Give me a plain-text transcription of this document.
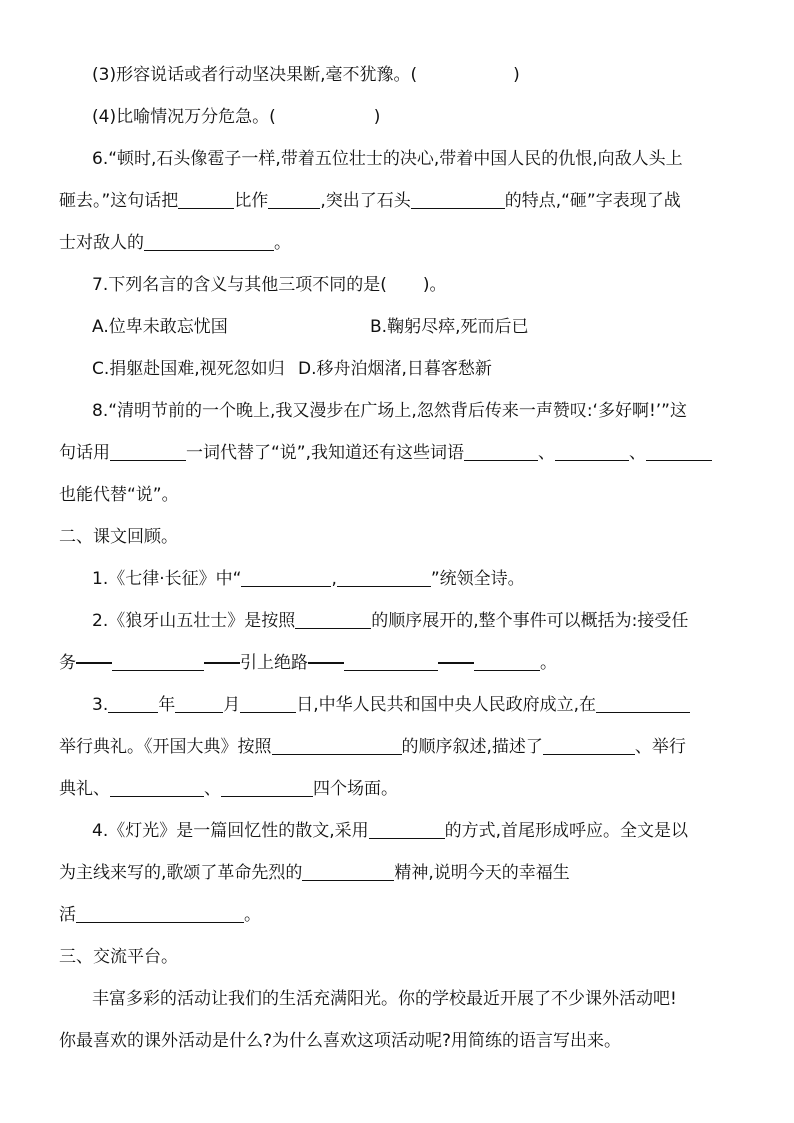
(3)形容说话或者行动坚决果断,毫不犹豫。(	)
(4)比喻情况万分危急。(	)
6.“顿时,石头像雹子一样,带着五位壮士的决心,带着中国人民的仇恨,向敌人头上
砸去。”这句话把	比作	,突出了石头	的特点,“砸”字表现了战
士对敌人的	。
7.下列名言的含义与其他三项不同的是( )。
A.位卑未敢忘忧国	B.鞠躬尽瘁,死而后已
C.捐躯赴国难,视死忽如归 D.移舟泊烟渚,日暮客愁新
8.“清明节前的一个晚上,我又漫步在广场上,忽然背后传来一声赞叹:‘多好啊!’”这
句话用	一词代替了“说”,我知道还有这些词语	、	、
也能代替“说”。
二、课文回顾。
1.《七律·长征》中“	,	”统领全诗。
2.《狼牙山五壮士》是按照	的顺序展开的,整个事件可以概括为:接受任
务	引上绝路	。
3.	年	月	日,中华人民共和国中央人民政府成立,在
举行典礼。《开国大典》按照	的顺序叙述,描述了	、举行
典礼、	、	四个场面。
4.《灯光》是一篇回忆性的散文,采用	的方式,首尾形成呼应。全文是以
为主线来写的,歌颂了革命先烈的	精神,说明今天的幸福生
活	。
三、交流平台。
丰富多彩的活动让我们的生活充满阳光。你的学校最近开展了不少课外活动吧!
你最喜欢的课外活动是什么?为什么喜欢这项活动呢?用简练的语言写出来。
